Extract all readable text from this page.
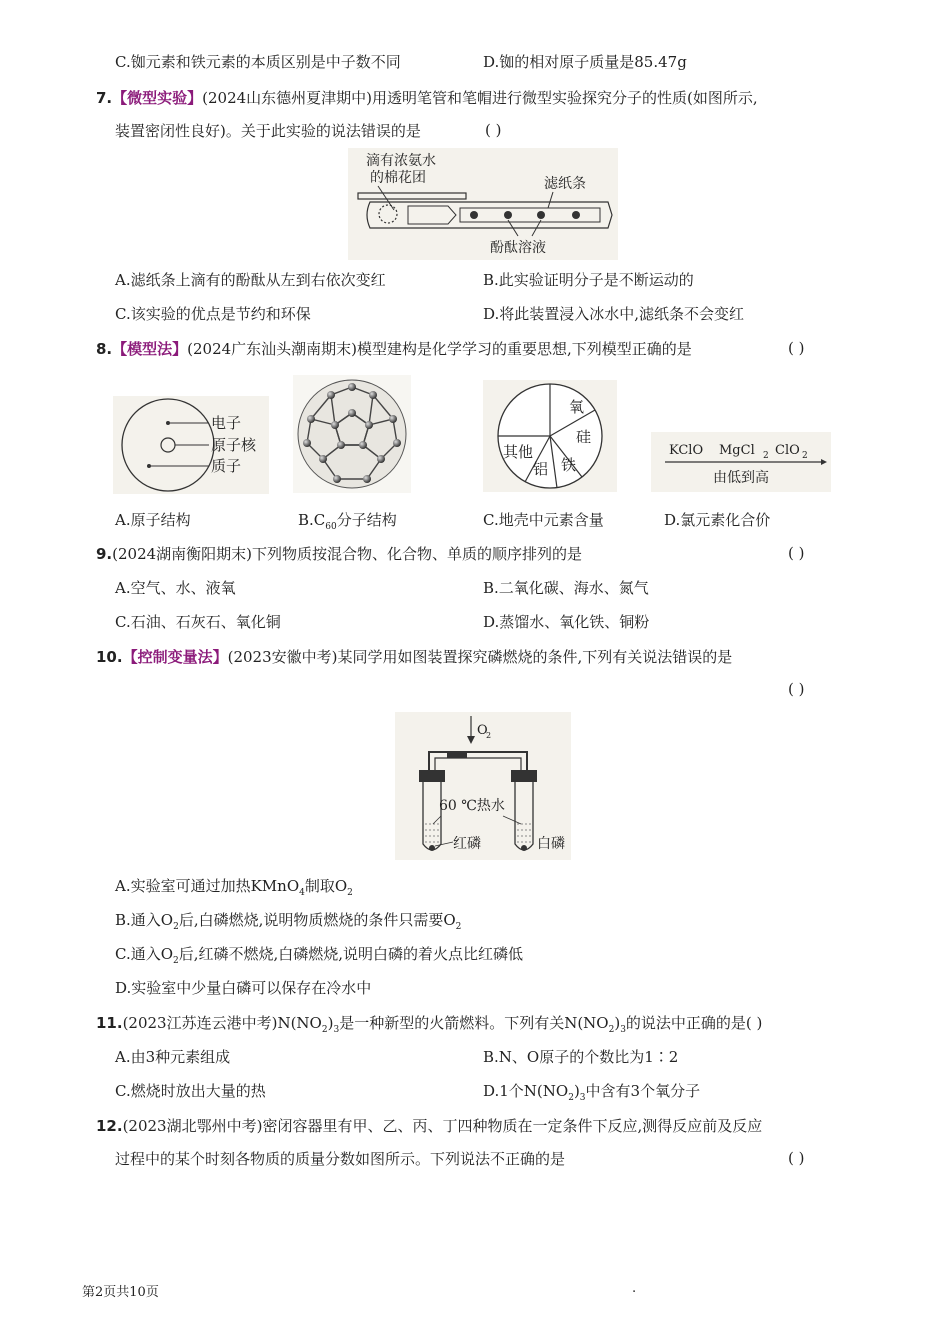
C.铷元素和铁元素的本质区别是中子数不同	D.铷的相对原子质量是85.47g
7.【微型实验】(2024山东德州夏津期中)用透明笔管和笔帽进行微型实验探究分子的性质(如图所示,
装置密闭性良好)。关于此实验的说法错误的是	( )
滴有浓氨水
的棉花团	滤纸条
酚酞溶液
A.滤纸条上滴有的酚酞从左到右依次变红	B.此实验证明分子是不断运动的
C.该实验的优点是节约和环保	D.将此装置浸入冰水中,滤纸条不会变红
8.【模型法】(2024广东汕头潮南期末)模型建构是化学学习的重要思想,下列模型正确的是	( )
电子
原子核
质子
氧
硅
铁
铝
其他	KClO MgCl 2 ClO 2
由低到高
A.原子结构	$B.C_{60}$分子结构	C.地壳中元素含量	D.氯元素化合价
9.(2024湖南衡阳期末)下列物质按混合物、化合物、单质的顺序排列的是	( )
A.空气、水、液氧	B.二氧化碳、海水、氮气
C.石油、石灰石、氧化铜	D.蒸馏水、氧化铁、铜粉
10.【控制变量法】(2023安徽中考)某同学用如图装置探究磷燃烧的条件,下列有关说法错误的是
( )
O
2
60 ℃热水
红磷	白磷
A.实验室可通过加热KMnO$_4$制取$O_2$
B.通入$O_2$后,白磷燃烧,说明物质燃烧的条件只需要$O_2$
C.通入$O_2$后,红磷不燃烧,白磷燃烧,说明白磷的着火点比红磷低
D.实验室中少量白磷可以保存在冷水中
11.(2023江苏连云港中考)$N(NO_2)_3$是一种新型的火箭燃料。下列有关$N(NO_2)_3$的说法中正确的是( )
A.由3种元素组成	B.N、O原子的个数比为1∶2
C.燃烧时放出大量的热	D.1个$N(NO_2)_3$中含有3个氧分子
12.(2023湖北鄂州中考)密闭容器里有甲、乙、丙、丁四种物质在一定条件下反应,测得反应前及反应
过程中的某个时刻各物质的质量分数如图所示。下列说法不正确的是	( )
第2页共10页	.
